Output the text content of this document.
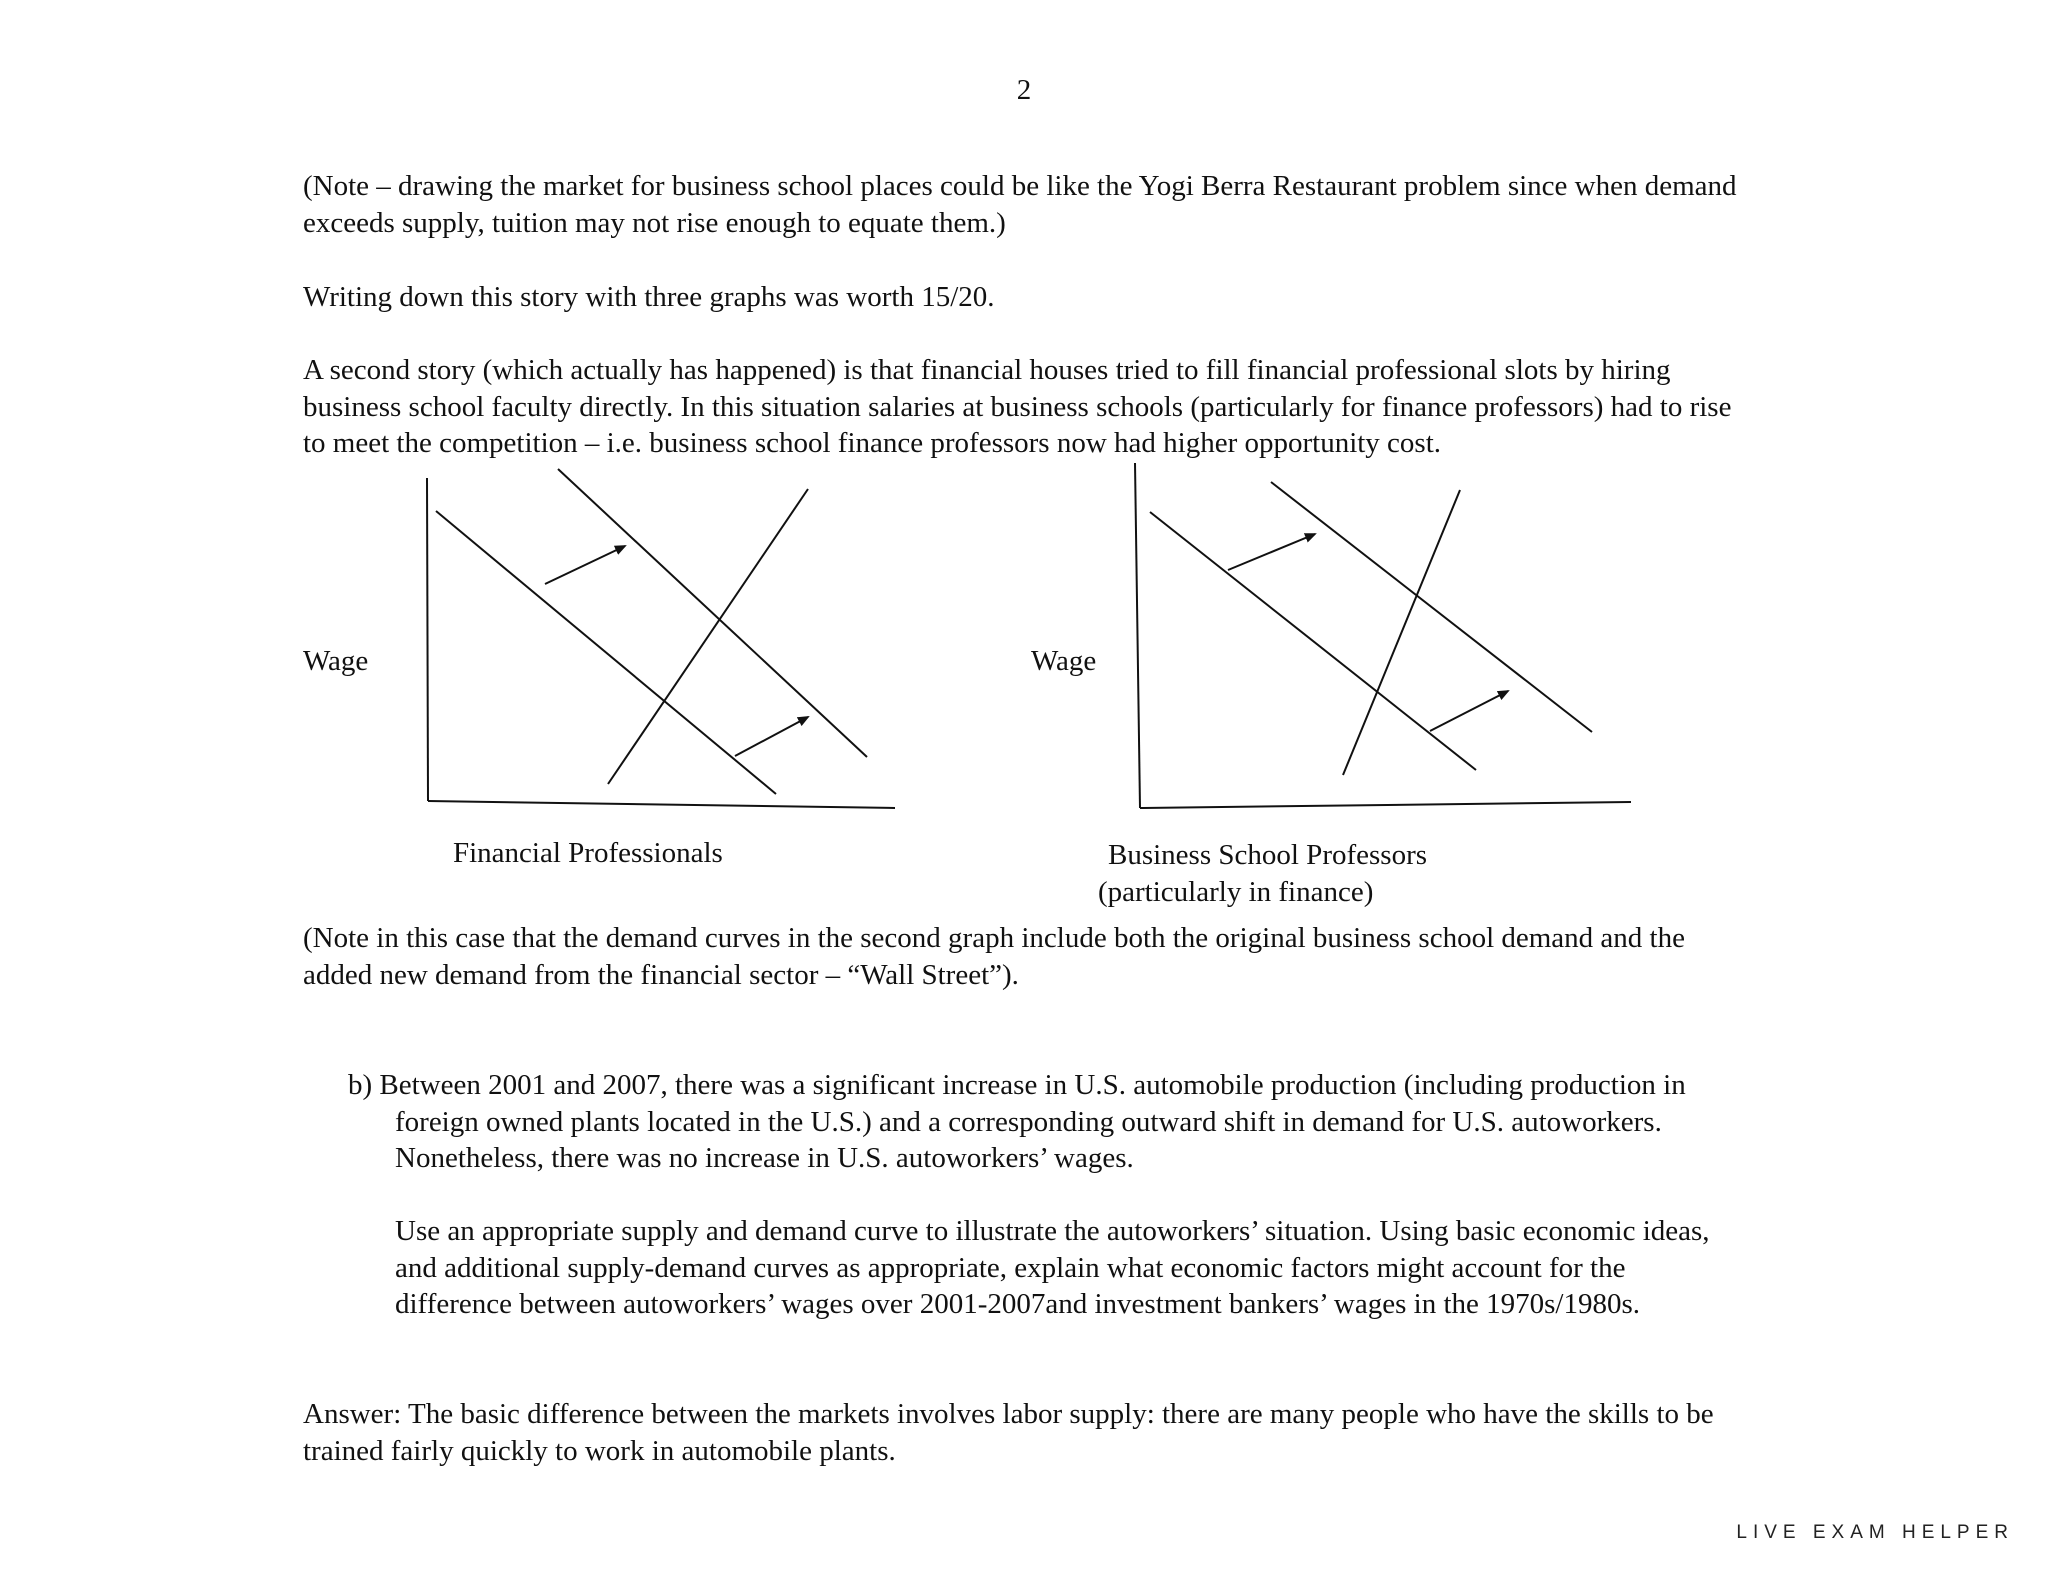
2

(Note – drawing the market for business school places could be like the Yogi Berra Restaurant problem since when demand exceeds supply, tuition may not rise enough to equate them.)

Writing down this story with three graphs was worth 15/20.

A second story (which actually has happened) is that financial houses tried to fill financial professional slots by hiring business school faculty directly. In this situation salaries at business schools (particularly for finance professors) had to rise to meet the competition – i.e. business school finance professors now had higher opportunity cost.

Wage
Financial Professionals
Wage
Business School Professors
(particularly in finance)

(Note in this case that the demand curves in the second graph include both the original business school demand and the added new demand from the financial sector – “Wall Street”).

b) Between 2001 and 2007, there was a significant increase in U.S. automobile production (including production in foreign owned plants located in the U.S.) and a corresponding outward shift in demand for U.S. autoworkers. Nonetheless, there was no increase in U.S. autoworkers’ wages.

Use an appropriate supply and demand curve to illustrate the autoworkers’ situation. Using basic economic ideas, and additional supply-demand curves as appropriate, explain what economic factors might account for the difference between autoworkers’ wages over 2001-2007and investment bankers’ wages in the 1970s/1980s.

Answer: The basic difference between the markets involves labor supply: there are many people who have the skills to be trained fairly quickly to work in automobile plants.

LIVE EXAM HELPER
